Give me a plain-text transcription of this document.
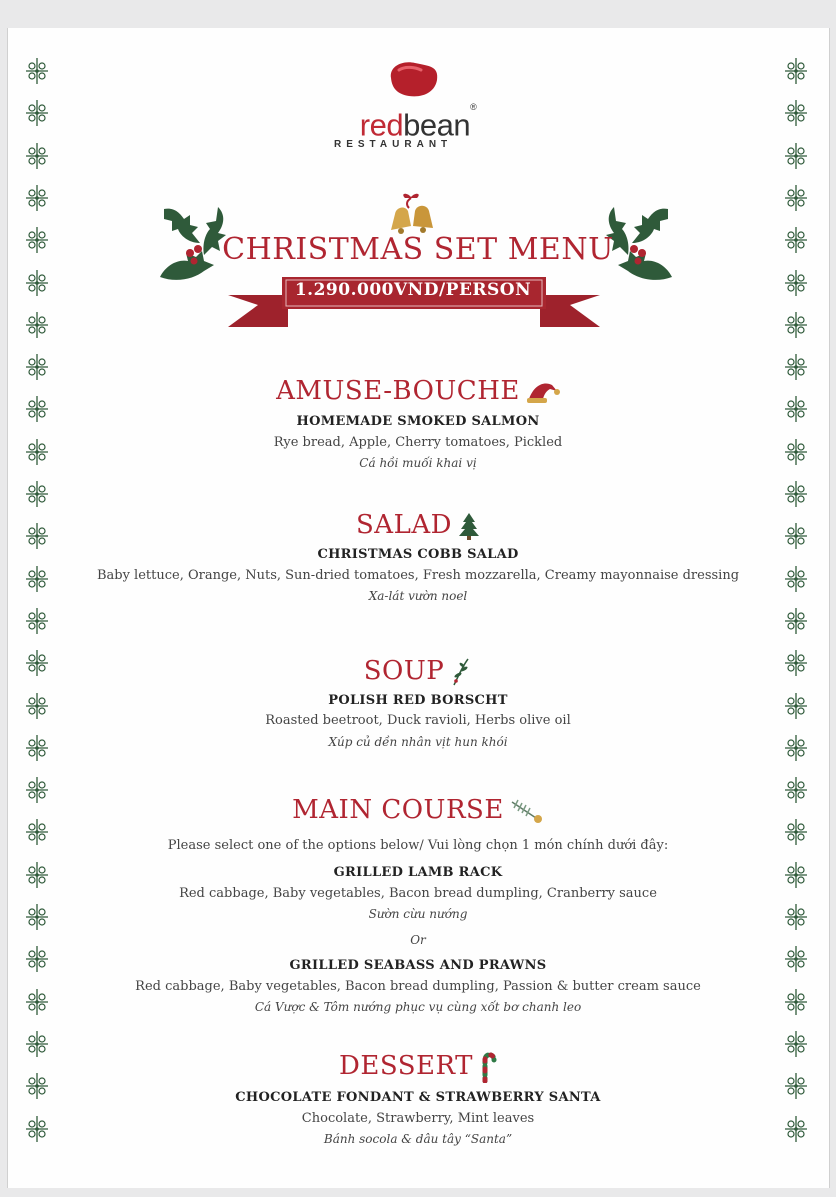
redbean®
RESTAURANT
CHRISTMAS SET MENU
1.290.000VND/PERSON
AMUSE-BOUCHE
HOMEMADE SMOKED SALMON
Rye bread, Apple, Cherry tomatoes, Pickled
Cá hồi muối khai vị
SALAD
CHRISTMAS COBB SALAD
Baby lettuce, Orange, Nuts, Sun-dried tomatoes, Fresh mozzarella, Creamy mayonnaise dressing
Xa-lát vườn noel
SOUP
POLISH RED BORSCHT
Roasted beetroot, Duck ravioli, Herbs olive oil
Xúp củ dền nhân vịt hun khói
MAIN COURSE
Please select one of the options below/ Vui lòng chọn 1 món chính dưới đây:
GRILLED LAMB RACK
Red cabbage, Baby vegetables, Bacon bread dumpling, Cranberry sauce
Sườn cừu nướng
Or
GRILLED SEABASS AND PRAWNS
Red cabbage, Baby vegetables, Bacon bread dumpling, Passion & butter cream sauce
Cá Vược & Tôm nướng phục vụ cùng xốt bơ chanh leo
DESSERT
CHOCOLATE FONDANT & STRAWBERRY SANTA
Chocolate, Strawberry, Mint leaves
Bánh socola & dâu tây “Santa”
